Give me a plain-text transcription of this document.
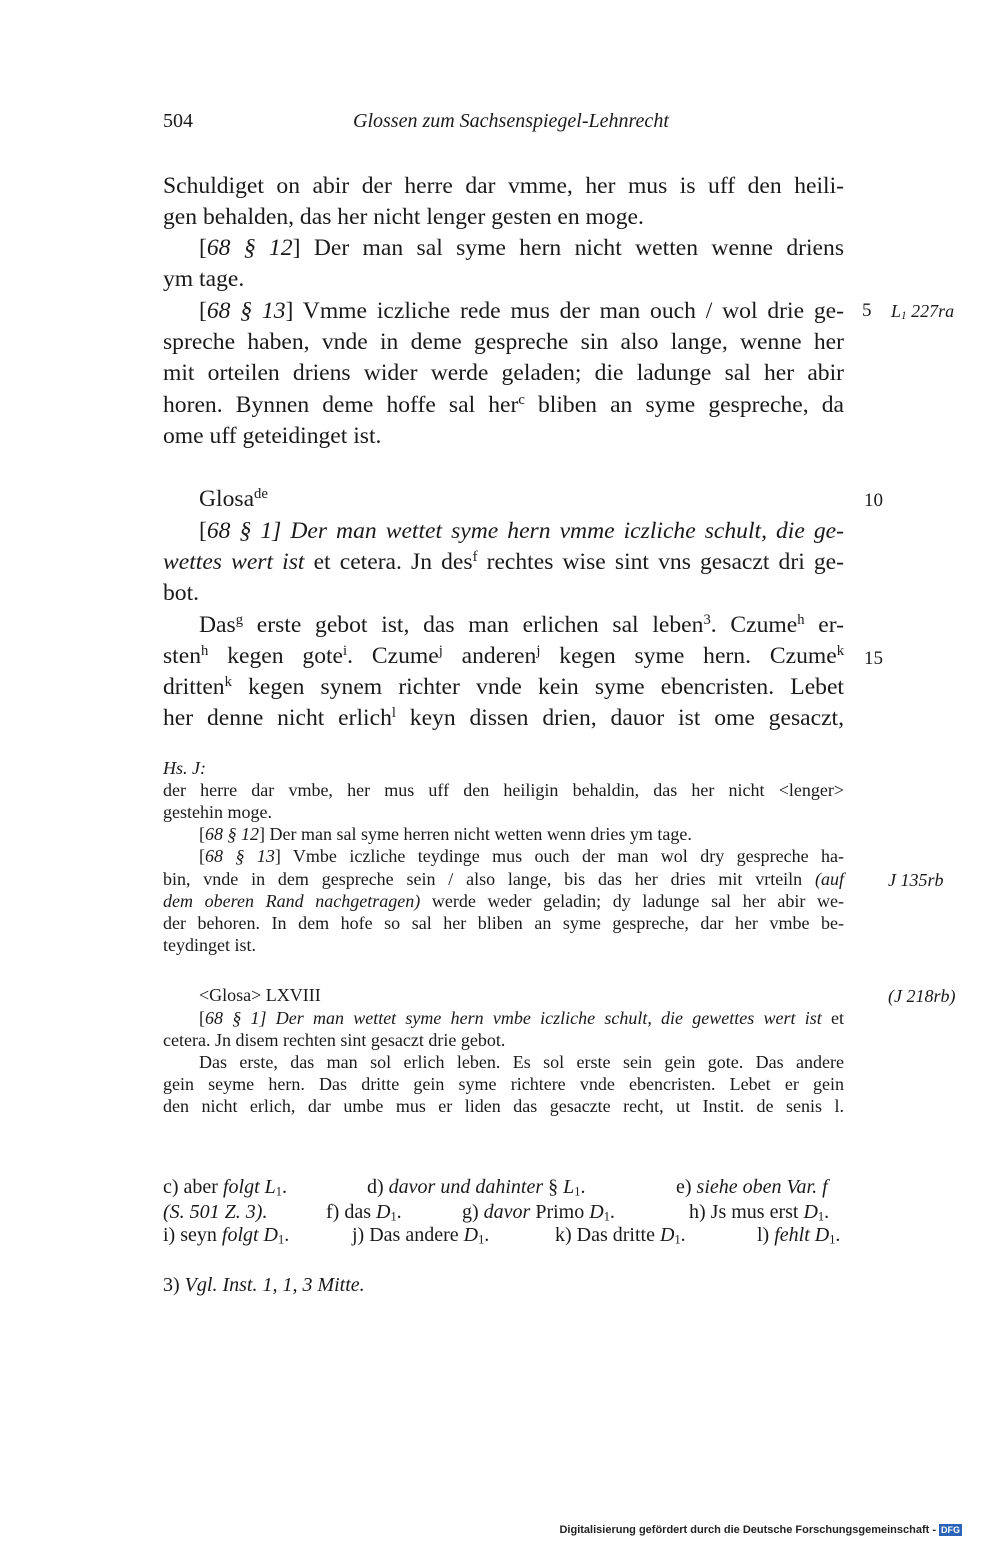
504	Glossen zum Sachsenspiegel-Lehnrecht
Schuldiget on abir der herre dar vmme, her mus is uff den heili-
gen behalden, das her nicht lenger gesten en moge.
[68 § 12] Der man sal syme hern nicht wetten wenne driens
ym tage.
[68 § 13] Vmme iczliche rede mus der man ouch / wol drie ge-
spreche haben, vnde in deme gespreche sin also lange, wenne her
mit orteilen driens wider werde geladen; die ladunge sal her abir
horen. Bynnen deme hoffe sal her$^c$ bliben an syme gespreche, da
ome uff geteidinget ist.
Glosa$^{de}$
[68 § 1] Der man wettet syme hern vmme iczliche schult, die ge-
wettes wert ist et cetera. Jn des$^f$ rechtes wise sint vns gesaczt dri ge-
bot.
Das$^g$ erste gebot ist, das man erlichen sal leben$^3$. Czume$^h$ er-
sten$^h$ kegen gote$^i$. Czume$^j$ anderen$^j$ kegen syme hern. Czume$^k$
dritten$^k$ kegen synem richter vnde kein syme ebencristen. Lebet
her denne nicht erlich$^l$ keyn dissen drien, dauor ist ome gesaczt,
5
10
15
$L_1$ 227ra
Hs. J:
der herre dar vmbe, her mus uff den heiligin behaldin, das her nicht <lenger>
gestehin moge.
[68 § 12] Der man sal syme herren nicht wetten wenn dries ym tage.
[68 § 13] Vmbe iczliche teydinge mus ouch der man wol dry gespreche ha-
bin, vnde in dem gespreche sein / also lange, bis das her dries mit vrteiln (auf
dem oberen Rand nachgetragen) werde weder geladin; dy ladunge sal her abir we-
der behoren. In dem hofe so sal her bliben an syme gespreche, dar her vmbe be-
teydinget ist.
<Glosa> LXVIII
[68 § 1] Der man wettet syme hern vmbe iczliche schult, die gewettes wert ist et
cetera. Jn disem rechten sint gesaczt drie gebot.
Das erste, das man sol erlich leben. Es sol erste sein gein gote. Das andere
gein seyme hern. Das dritte gein syme richtere vnde ebencristen. Lebet er gein
den nicht erlich, dar umbe mus er liden das gesaczte recht, ut Instit. de senis l.
J 135rb
(J 218rb)
c) aber folgt $L_1$.	d) davor und dahinter § $L_1$.	e) siehe oben Var. f
(S. 501 Z. 3).	f) das $D_1$.	g) davor Primo $D_1$.	h) Js mus erst $D_1$.
i) seyn folgt $D_1$.	j) Das andere $D_1$.	k) Das dritte $D_1$.	l) fehlt $D_1$.
3) Vgl. Inst. 1, 1, 3 Mitte.
Digitalisierung gefördert durch die Deutsche Forschungsgemeinschaft - DFG
